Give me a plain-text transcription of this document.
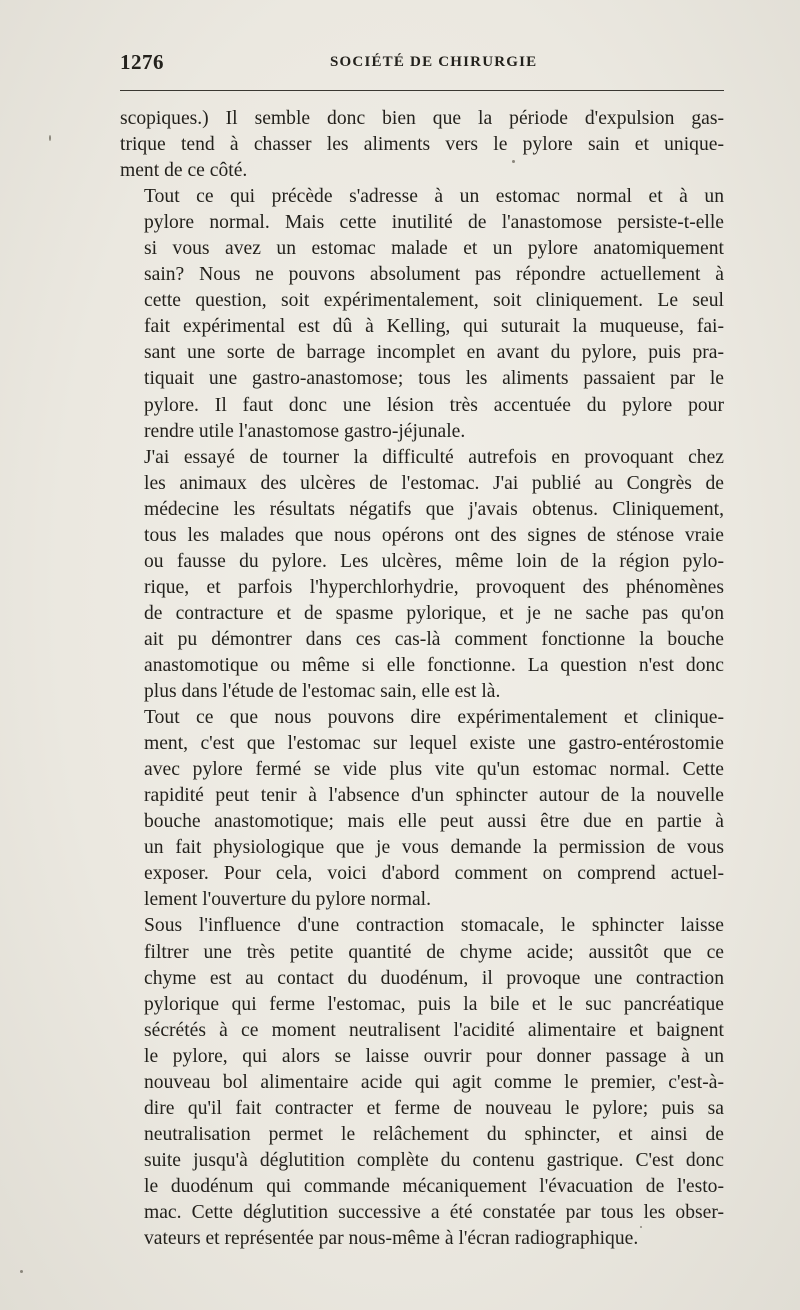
1276	SOCIÉTÉ DE CHIRURGIE

scopiques.) Il semble donc bien que la période d'expulsion gas-
trique tend à chasser les aliments vers le pylore sain et unique-
ment de ce côté.

Tout ce qui précède s'adresse à un estomac normal et à un
pylore normal. Mais cette inutilité de l'anastomose persiste-t-elle
si vous avez un estomac malade et un pylore anatomiquement
sain? Nous ne pouvons absolument pas répondre actuellement à
cette question, soit expérimentalement, soit cliniquement. Le seul
fait expérimental est dû à Kelling, qui suturait la muqueuse, fai-
sant une sorte de barrage incomplet en avant du pylore, puis pra-
tiquait une gastro-anastomose; tous les aliments passaient par le
pylore. Il faut donc une lésion très accentuée du pylore pour
rendre utile l'anastomose gastro-jéjunale.

J'ai essayé de tourner la difficulté autrefois en provoquant chez
les animaux des ulcères de l'estomac. J'ai publié au Congrès de
médecine les résultats négatifs que j'avais obtenus. Cliniquement,
tous les malades que nous opérons ont des signes de sténose vraie
ou fausse du pylore. Les ulcères, même loin de la région pylo-
rique, et parfois l'hyperchlorhydrie, provoquent des phénomènes
de contracture et de spasme pylorique, et je ne sache pas qu'on
ait pu démontrer dans ces cas-là comment fonctionne la bouche
anastomotique ou même si elle fonctionne. La question n'est donc
plus dans l'étude de l'estomac sain, elle est là.

Tout ce que nous pouvons dire expérimentalement et clinique-
ment, c'est que l'estomac sur lequel existe une gastro-entérostomie
avec pylore fermé se vide plus vite qu'un estomac normal. Cette
rapidité peut tenir à l'absence d'un sphincter autour de la nouvelle
bouche anastomotique; mais elle peut aussi être due en partie à
un fait physiologique que je vous demande la permission de vous
exposer. Pour cela, voici d'abord comment on comprend actuel-
lement l'ouverture du pylore normal.

Sous l'influence d'une contraction stomacale, le sphincter laisse
filtrer une très petite quantité de chyme acide; aussitôt que ce
chyme est au contact du duodénum, il provoque une contraction
pylorique qui ferme l'estomac, puis la bile et le suc pancréatique
sécrétés à ce moment neutralisent l'acidité alimentaire et baignent
le pylore, qui alors se laisse ouvrir pour donner passage à un
nouveau bol alimentaire acide qui agit comme le premier, c'est-à-
dire qu'il fait contracter et ferme de nouveau le pylore; puis sa
neutralisation permet le relâchement du sphincter, et ainsi de
suite jusqu'à déglutition complète du contenu gastrique. C'est donc
le duodénum qui commande mécaniquement l'évacuation de l'esto-
mac. Cette déglutition successive a été constatée par tous les obser-
vateurs et représentée par nous-même à l'écran radiographique.
